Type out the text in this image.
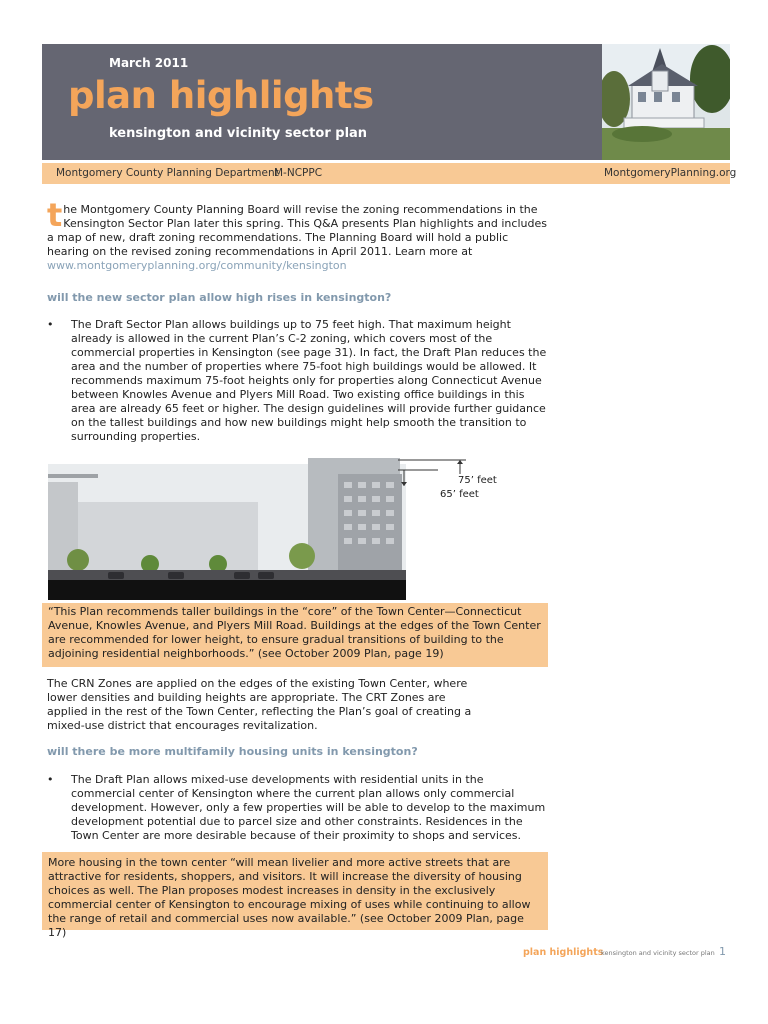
March 2011
plan highlights
kensington and vicinity sector plan
Montgomery County Planning Department
M-NCPPC	MontgomeryPlanning.org
the Montgomery County Planning Board will revise the zoning recommendations in the Kensington Sector Plan later this spring. This Q&A presents Plan highlights and includes a map of new, draft zoning recommendations. The Planning Board will hold a public hearing on the revised zoning recommendations in April 2011. Learn more at www.montgomeryplanning.org/community/kensington
will the new sector plan allow high rises in kensington?
• The Draft Sector Plan allows buildings up to 75 feet high. That maximum height already is allowed in the current Plan’s C-2 zoning, which covers most of the commercial properties in Kensington (see page 31). In fact, the Draft Plan reduces the area and the number of properties where 75-foot high buildings would be allowed. It recommends maximum 75-foot heights only for properties along Connecticut Avenue between Knowles Avenue and Plyers Mill Road. Two existing office buildings in this area are already 65 feet or higher. The design guidelines will provide further guidance on the tallest buildings and how new buildings might help smooth the transition to surrounding properties.
75’ feet
65’ feet
“This Plan recommends taller buildings in the “core” of the Town Center—Connecticut Avenue, Knowles Avenue, and Plyers Mill Road. Buildings at the edges of the Town Center are recommended for lower height, to ensure gradual transitions of building to the adjoining residential neighborhoods.” (see October 2009 Plan, page 19)
The CRN Zones are applied on the edges of the existing Town Center, where lower densities and building heights are appropriate. The CRT Zones are applied in the rest of the Town Center, reflecting the Plan’s goal of creating a mixed-use district that encourages revitalization.
will there be more multifamily housing units in kensington?
• The Draft Plan allows mixed-use developments with residential units in the commercial center of Kensington where the current plan allows only commercial development. However, only a few properties will be able to develop to the maximum development potential due to parcel size and other constraints. Residences in the Town Center are more desirable because of their proximity to shops and services.
More housing in the town center “will mean livelier and more active streets that are attractive for residents, shoppers, and visitors. It will increase the diversity of housing choices as well. The Plan proposes modest increases in density in the exclusively commercial center of Kensington to encourage mixing of uses while continuing to allow the range of retail and commercial uses now available.” (see October 2009 Plan, page 17)
plan highlights
kensington and vicinity sector plan 1
